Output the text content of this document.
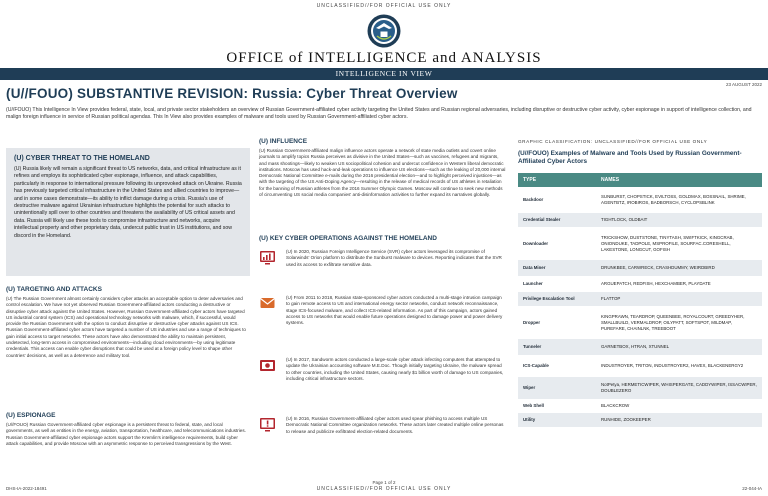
UNCLASSIFIED//FOR OFFICIAL USE ONLY
OFFICE of INTELLIGENCE and ANALYSIS
INTELLIGENCE IN VIEW
23 AUGUST 2022
(U//FOUO) SUBSTANTIVE REVISION: Russia: Cyber Threat Overview
(U//FOUO) This Intelligence In View provides federal, state, local, and private sector stakeholders an overview of Russian Government-affiliated cyber activity targeting the United States and Russian regional adversaries, including disruptive or destructive cyber activity, cyber espionage in support of intelligence collection, and malign foreign influence in service of Russian political agendas. This In View also provides examples of malware and tools used by Russian Government-affiliated cyber actors.
(U) CYBER THREAT TO THE HOMELAND

(U) Russia likely will remain a significant threat to US networks, data, and critical infrastructure as it refines and employs its sophisticated cyber espionage, influence, and attack capabilities, particularly in response to international pressure following its unprovoked attack on Ukraine. Russia has previously targeted critical infrastructure in the United States and allied countries to improve—and in some cases demonstrate—its ability to inflict damage during a crisis. Russia's use of destructive malware against Ukrainian infrastructure highlights the potential for such attacks to unintentionally spill over to other countries and threatens the availability of US critical assets and data. Russia will likely use these tools to compromise infrastructure and networks, acquire intellectual property and other proprietary data, undercut public trust in US institutions, and sow discord in the Homeland.

(U) TARGETING AND ATTACKS
(U) The Russian Government almost certainly considers cyber attacks an acceptable option to deter adversaries and control escalation. We have not yet observed Russian Government-affiliated actors conducting a destructive or disruptive cyber attack against the United States. However, Russian Government-affiliated cyber actors have targeted US industrial control system (ICS) and operational technology networks with malware, which, if successful, would provide the Russian Government with the option to conduct disruptive or destructive cyber attacks against US ICS. Russian Government-affiliated cyber actors have targeted a number of US industries and use a range of techniques to gain initial access to target networks. These actors have also demonstrated the ability to maintain persistent, undetected, long-term access in compromised environments—including cloud environments—by using legitimate credentials. This access can enable cyber disruptions that could be used at a foreign policy level to shape other countries' decisions, as well as a deterrence and military tool.
(U) ESPIONAGE
(U//FOUO) Russian Government-affiliated cyber espionage is a persistent threat to federal, state, and local governments, as well as entities in the energy, aviation, transportation, healthcare, and telecommunications industries. Russian Government-affiliated cyber espionage actors support the Kremlin's intelligence requirements, build cyber attack capabilities, and provide Moscow with an asymmetric response to perceived transgressions by the West.
(U) INFLUENCE
(U) Russian Government-affiliated malign influence actors operate a network of state media outlets and covert online journals to amplify topics Russia perceives as divisive in the United States—such as vaccines, refugees and migrants, and mass shootings—likely to weaken US sociopolitical cohesion and undercut confidence in Western liberal democratic institutions. Moscow has used hack-and-leak operations to influence US elections—such as the leaking of 20,000 internal Democratic National Committee e-mails during the 2016 presidential election—and to highlight perceived injustices—as with the targeting of the US Anti-Doping Agency—resulting in the release of medical records of US athletes in retaliation for the banning of Russian athletes from the 2016 Summer Olympic Games. Moscow will continue to seek new methods of circumventing US social media companies' anti-disinformation activities to further expand its narratives globally.
(U) KEY CYBER OPERATIONS AGAINST THE HOMELAND
(U) In 2020, Russian Foreign Intelligence Service (SVR) cyber actors leveraged its compromise of Solarwinds' Orion platform to distribute the Sunburst malware to devices. Reporting indicates that the SVR used its access to exfiltrate sensitive data.
(U) From 2011 to 2018, Russian state-sponsored cyber actors conducted a multi-stage intrusion campaign to gain remote access to US and international energy sector networks, conduct network reconnaissance, stage ICS-focused malware, and collect ICS-related information. As part of this campaign, actors gained access to US networks that would enable future operations designed to damage power and power delivery systems.
(U) In 2017, Sandworm actors conducted a large-scale cyber attack infecting computers that attempted to update the Ukrainian accounting software M.E.Doc. Though initially targeting Ukraine, the malware spread to other countries, including the United States, causing nearly $1 billion worth of damage to US companies, including critical infrastructure sectors.
(U) In 2016, Russian Government-affiliated cyber actors used spear phishing to access multiple US Democratic National Committee organization networks. These actors later created multiple online personas to release and publicize exfiltrated election-related documents.
GRAPHIC CLASSIFICATION: UNCLASSIFIED//FOR OFFICIAL USE ONLY
(U//FOUO) Examples of Malware and Tools Used by Russian Government-Affiliated Cyber Actors
TYPE	NAMES
Backdoor	SUNBURST, CHOPSTICK, EVILTOSS, GOLDMAX, BOSSNAIL, SHRIME, AGENTBTZ, IROBIROS, BADBORSCH, CYCLOPSBLINK
Credential Stealer	TIGHTLOCK, OLDBAIT
Downloader	TRICKSHOW, DUSTSTONE, TINYTASH, SWIFTKICK, KINGCRAB, ONIONDUKE, TADPOLE, MSPROFILE, SOURFAC.CORESHELL, LAKESTONE, LONGCUT, GOFISH
Data Miner	DRUNKBEE, CARWRECK, CRASHDUMMY, WEIRDBIRD
Launcher	ARGUEPATCH, REDFISH, HEXCHAMBER, PLAYDATE
Privilege Escalation Tool	FLATTOP
Dropper	KINGPRAWN, TEARDROP, QUEENBEE, ROYALCOURT, GREEDYHER, SMALLBUILD, VERMALDROP, OILYPATT, SOFTSPOT, MILDMAP, PUREFARE, CHAINLNK, TREEBOOT
Tunneler	GARNETBOX, HTRAN, XTUNNEL
ICS-Capable	INDUSTROYER, TRITON, INDUSTROYER2, HAVEX, BLACKENERGY2
Wiper	NotPetya, HERMETICWIPER, WHISPERGATE, CADDYWIPER, ISSACWIPER, DOUBLEZERO
Web Shell	BLACKCROW
Utility	RUNHIDE, ZOOKEEPER
DHS-IA-2022-18491
Page 1 of 2
UNCLASSIFIED//FOR OFFICIAL USE ONLY	22-044-IA
